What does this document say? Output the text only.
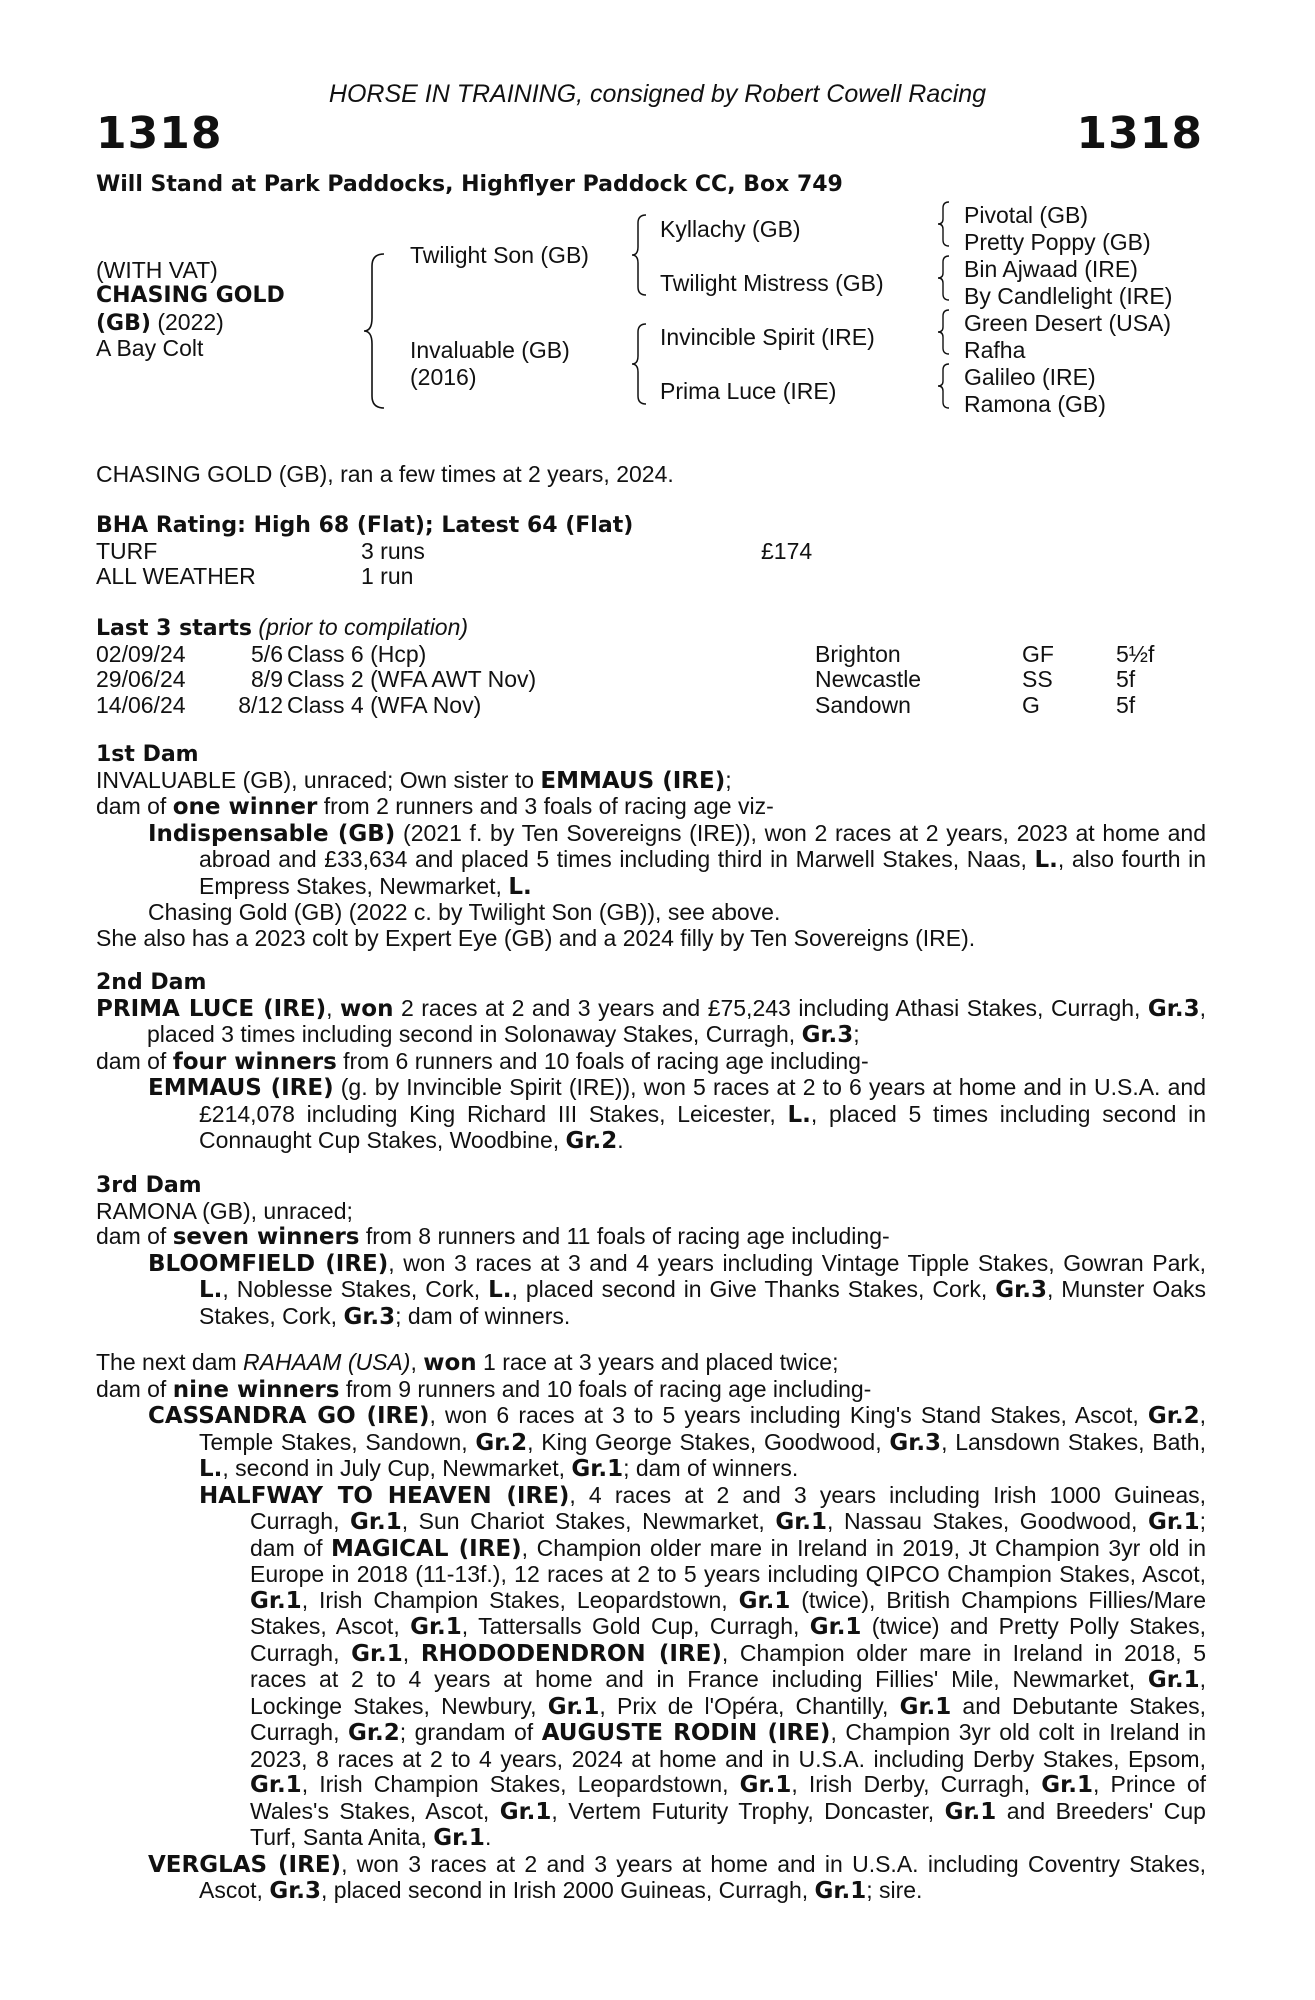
HORSE IN TRAINING, consigned by Robert Cowell Racing
1318	1318
Will Stand at Park Paddocks, Highflyer Paddock CC, Box 749
(WITH VAT)
CHASING GOLD
(GB) (2022)
A Bay Colt
Twilight Son (GB)
Invaluable (GB)
(2016)
Kyllachy (GB)
Twilight Mistress (GB)
Invincible Spirit (IRE)
Prima Luce (IRE)
Pivotal (GB)
Pretty Poppy (GB)
Bin Ajwaad (IRE)
By Candlelight (IRE)
Green Desert (USA)
Rafha
Galileo (IRE)
Ramona (GB)
CHASING GOLD (GB), ran a few times at 2 years, 2024.
BHA Rating: High 68 (Flat); Latest 64 (Flat)
TURF	3 runs	£174
ALL WEATHER	1 run
Last 3 starts (prior to compilation)
02/09/24	5/6 Class 6 (Hcp)	Brighton	GF	5½f
29/06/24	8/9 Class 2 (WFA AWT Nov)	Newcastle	SS	5f
14/06/24	8/12 Class 4 (WFA Nov)	Sandown	G	5f
1st Dam

INVALUABLE (GB), unraced; Own sister to EMMAUS (IRE);

dam of one winner from 2 runners and 3 foals of racing age viz-

Indispensable (GB) (2021 f. by Ten Sovereigns (IRE)), won 2 races at 2 years, 2023 at home and abroad and £33,634 and placed 5 times including third in Marwell Stakes, Naas, L., also fourth in Empress Stakes, Newmarket, L.

Chasing Gold (GB) (2022 c. by Twilight Son (GB)), see above.

She also has a 2023 colt by Expert Eye (GB) and a 2024 filly by Ten Sovereigns (IRE).

2nd Dam

PRIMA LUCE (IRE), won 2 races at 2 and 3 years and £75,243 including Athasi Stakes, Curragh, Gr.3, placed 3 times including second in Solonaway Stakes, Curragh, Gr.3;

dam of four winners from 6 runners and 10 foals of racing age including-

EMMAUS (IRE) (g. by Invincible Spirit (IRE)), won 5 races at 2 to 6 years at home and in U.S.A. and £214,078 including King Richard III Stakes, Leicester, L., placed 5 times including second in Connaught Cup Stakes, Woodbine, Gr.2.

3rd Dam

RAMONA (GB), unraced;

dam of seven winners from 8 runners and 11 foals of racing age including-

BLOOMFIELD (IRE), won 3 races at 3 and 4 years including Vintage Tipple Stakes, Gowran Park, L., Noblesse Stakes, Cork, L., placed second in Give Thanks Stakes, Cork, Gr.3, Munster Oaks Stakes, Cork, Gr.3; dam of winners.

The next dam RAHAAM (USA), won 1 race at 3 years and placed twice;

dam of nine winners from 9 runners and 10 foals of racing age including-

CASSANDRA GO (IRE), won 6 races at 3 to 5 years including King's Stand Stakes, Ascot, Gr.2, Temple Stakes, Sandown, Gr.2, King George Stakes, Goodwood, Gr.3, Lansdown Stakes, Bath, L., second in July Cup, Newmarket, Gr.1; dam of winners.

HALFWAY TO HEAVEN (IRE), 4 races at 2 and 3 years including Irish 1000 Guineas, Curragh, Gr.1, Sun Chariot Stakes, Newmarket, Gr.1, Nassau Stakes, Goodwood, Gr.1; dam of MAGICAL (IRE), Champion older mare in Ireland in 2019, Jt Champion 3yr old in Europe in 2018 (11-13f.), 12 races at 2 to 5 years including QIPCO Champion Stakes, Ascot, Gr.1, Irish Champion Stakes, Leopardstown, Gr.1 (twice), British Champions Fillies/Mare Stakes, Ascot, Gr.1, Tattersalls Gold Cup, Curragh, Gr.1 (twice) and Pretty Polly Stakes, Curragh, Gr.1, RHODODENDRON (IRE), Champion older mare in Ireland in 2018, 5 races at 2 to 4 years at home and in France including Fillies' Mile, Newmarket, Gr.1, Lockinge Stakes, Newbury, Gr.1, Prix de l'Opéra, Chantilly, Gr.1 and Debutante Stakes, Curragh, Gr.2; grandam of AUGUSTE RODIN (IRE), Champion 3yr old colt in Ireland in 2023, 8 races at 2 to 4 years, 2024 at home and in U.S.A. including Derby Stakes, Epsom, Gr.1, Irish Champion Stakes, Leopardstown, Gr.1, Irish Derby, Curragh, Gr.1, Prince of Wales's Stakes, Ascot, Gr.1, Vertem Futurity Trophy, Doncaster, Gr.1 and Breeders' Cup Turf, Santa Anita, Gr.1.

VERGLAS (IRE), won 3 races at 2 and 3 years at home and in U.S.A. including Coventry Stakes, Ascot, Gr.3, placed second in Irish 2000 Guineas, Curragh, Gr.1; sire.
